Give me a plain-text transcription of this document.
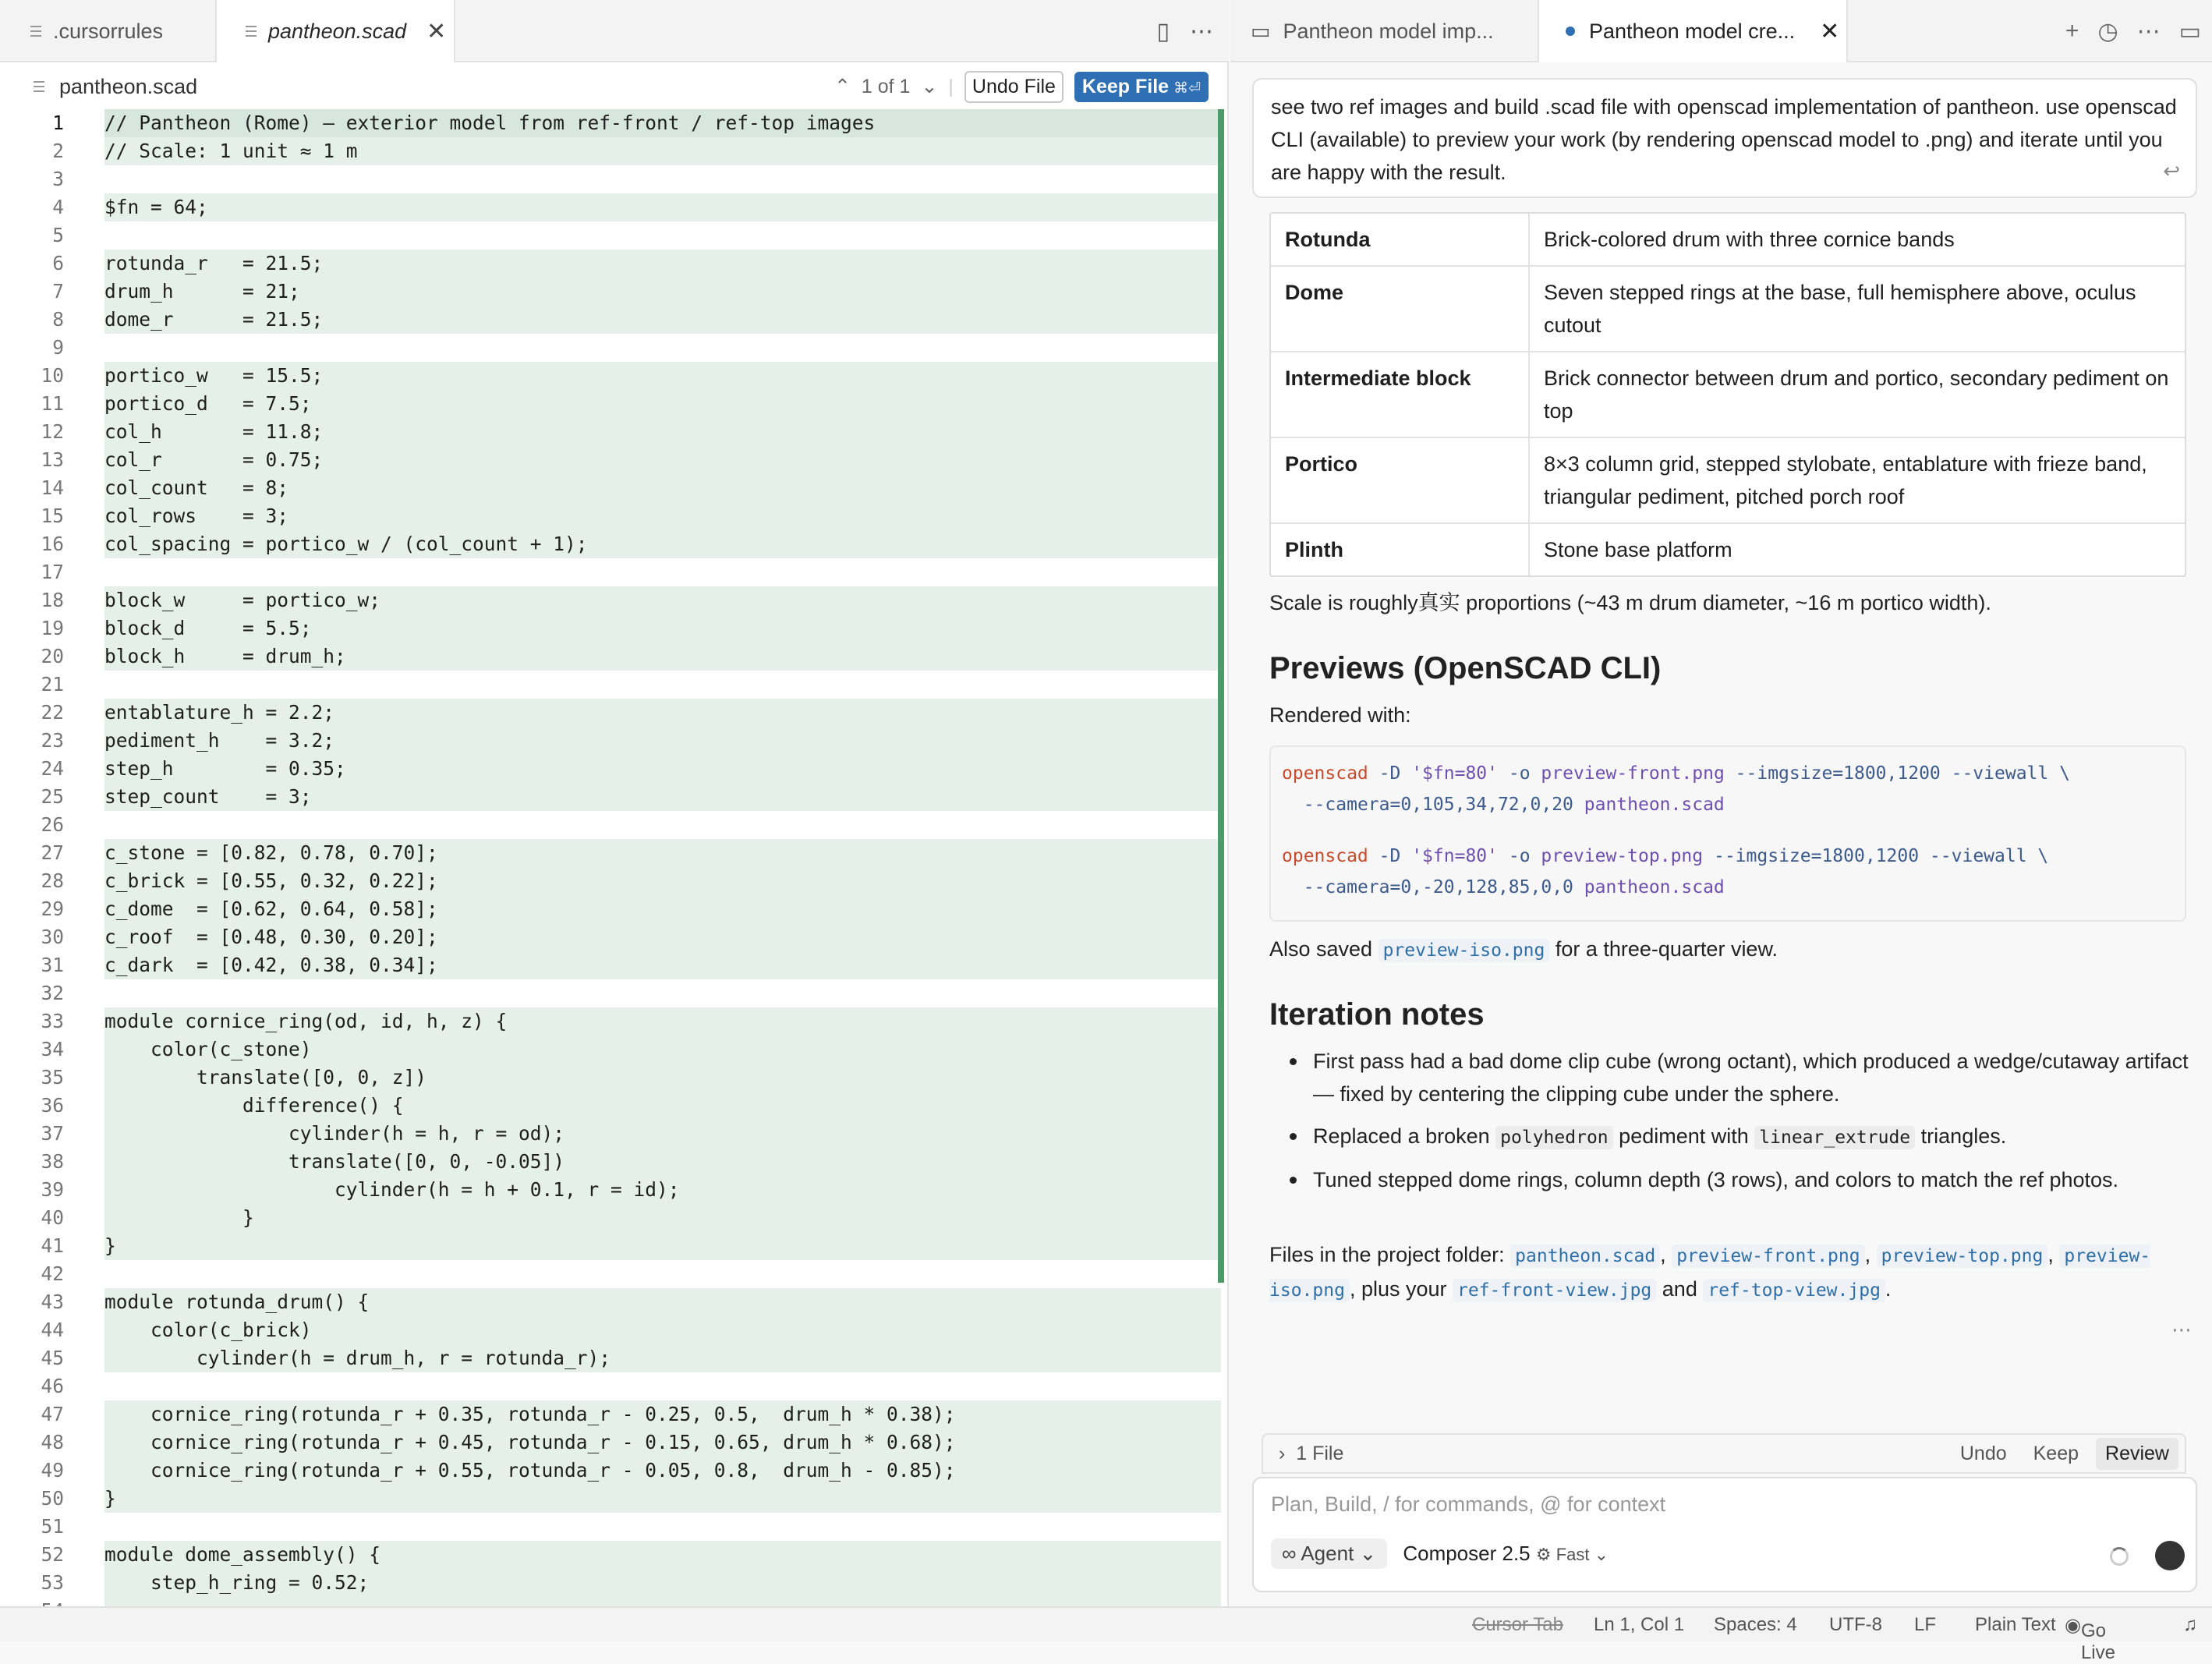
.cursorrules	pantheon.scad ✕	▯ ⋯
pantheon.scad	⌃ 1 of 1 ⌄ | Undo File	Keep File ⌘⏎
1 // Pantheon (Rome) — exterior model from ref-front / ref-top images
2 // Scale: 1 unit ≈ 1 m
3
4 $fn = 64;
5
6 rotunda_r   = 21.5;
7 drum_h      = 21;
8 dome_r      = 21.5;
9
10 portico_w   = 15.5;
11 portico_d   = 7.5;
12 col_h       = 11.8;
13 col_r       = 0.75;
14 col_count   = 8;
15 col_rows    = 3;
16 col_spacing = portico_w / (col_count + 1);
17
18 block_w     = portico_w;
19 block_d     = 5.5;
20 block_h     = drum_h;
21
22 entablature_h = 2.2;
23 pediment_h    = 3.2;
24 step_h        = 0.35;
25 step_count    = 3;
26
27 c_stone = [0.82, 0.78, 0.70];
28 c_brick = [0.55, 0.32, 0.22];
29 c_dome  = [0.62, 0.64, 0.58];
30 c_roof  = [0.48, 0.30, 0.20];
31 c_dark  = [0.42, 0.38, 0.34];
32
33 module cornice_ring(od, id, h, z) {
34 color(c_stone)
35 translate([0, 0, z])
36 difference() {
37 cylinder(h = h, r = od);
38 translate([0, 0, -0.05])
39 cylinder(h = h + 0.1, r = id);
40 }
41 }
42
43 module rotunda_drum() {
44 color(c_brick)
45 cylinder(h = drum_h, r = rotunda_r);
46
47 cornice_ring(rotunda_r + 0.35, rotunda_r - 0.25, 0.5,  drum_h * 0.38);
48 cornice_ring(rotunda_r + 0.45, rotunda_r - 0.15, 0.65, drum_h * 0.68);
49 cornice_ring(rotunda_r + 0.55, rotunda_r - 0.05, 0.8,  drum_h - 0.85);
50 }
51
52 module dome_assembly() {
53 step_h_ring = 0.52;
▭ Pantheon model imp...	Pantheon model cre... ✕	+ ◷ ⋯ ▭
see two ref images and build .scad file with openscad implementation of pantheon. use openscad CLI (available) to preview your work (by rendering openscad model to .png) and iterate until you are happy with the result.	↩
Rotunda	Brick-colored drum with three cornice bands
Dome	Seven stepped rings at the base, full hemisphere above, oculus cutout
Intermediate block	Brick connector between drum and portico, secondary pediment on top
Portico	8×3 column grid, stepped stylobate, entablature with frieze band, triangular pediment, pitched porch roof
Plinth	Stone base platform
Scale is roughly真实 proportions (~43 m drum diameter, ~16 m portico width).
Previews (OpenSCAD CLI)
Rendered with:
openscad -D '$fn=80' -o preview-front.png --imgsize=1800,1200 --viewall \
--camera=0,105,34,72,0,20 pantheon.scad
openscad -D '$fn=80' -o preview-top.png --imgsize=1800,1200 --viewall \
--camera=0,-20,128,85,0,0 pantheon.scad
Also saved preview-iso.png for a three-quarter view.
Iteration notes
First pass had a bad dome clip cube (wrong octant), which produced a wedge/cutaway artifact — fixed by centering the clipping cube under the sphere.
Replaced a broken polyhedron pediment with linear_extrude triangles.
Tuned stepped dome rings, column depth (3 rows), and colors to match the ref photos.
Files in the project folder: pantheon.scad , preview-front.png , preview-top.png , preview-iso.png , plus your ref-front-view.jpg and ref-top-view.jpg .
⋯
› 1 File	Undo	Keep	Review
Plan, Build, / for commands, @ for context
∞ Agent ⌄	Composer 2.5 ⚙ Fast ⌄
Cursor Tab Ln 1, Col 1 Spaces: 4 UTF-8 LF Plain Text ◉ Go Live
♫
